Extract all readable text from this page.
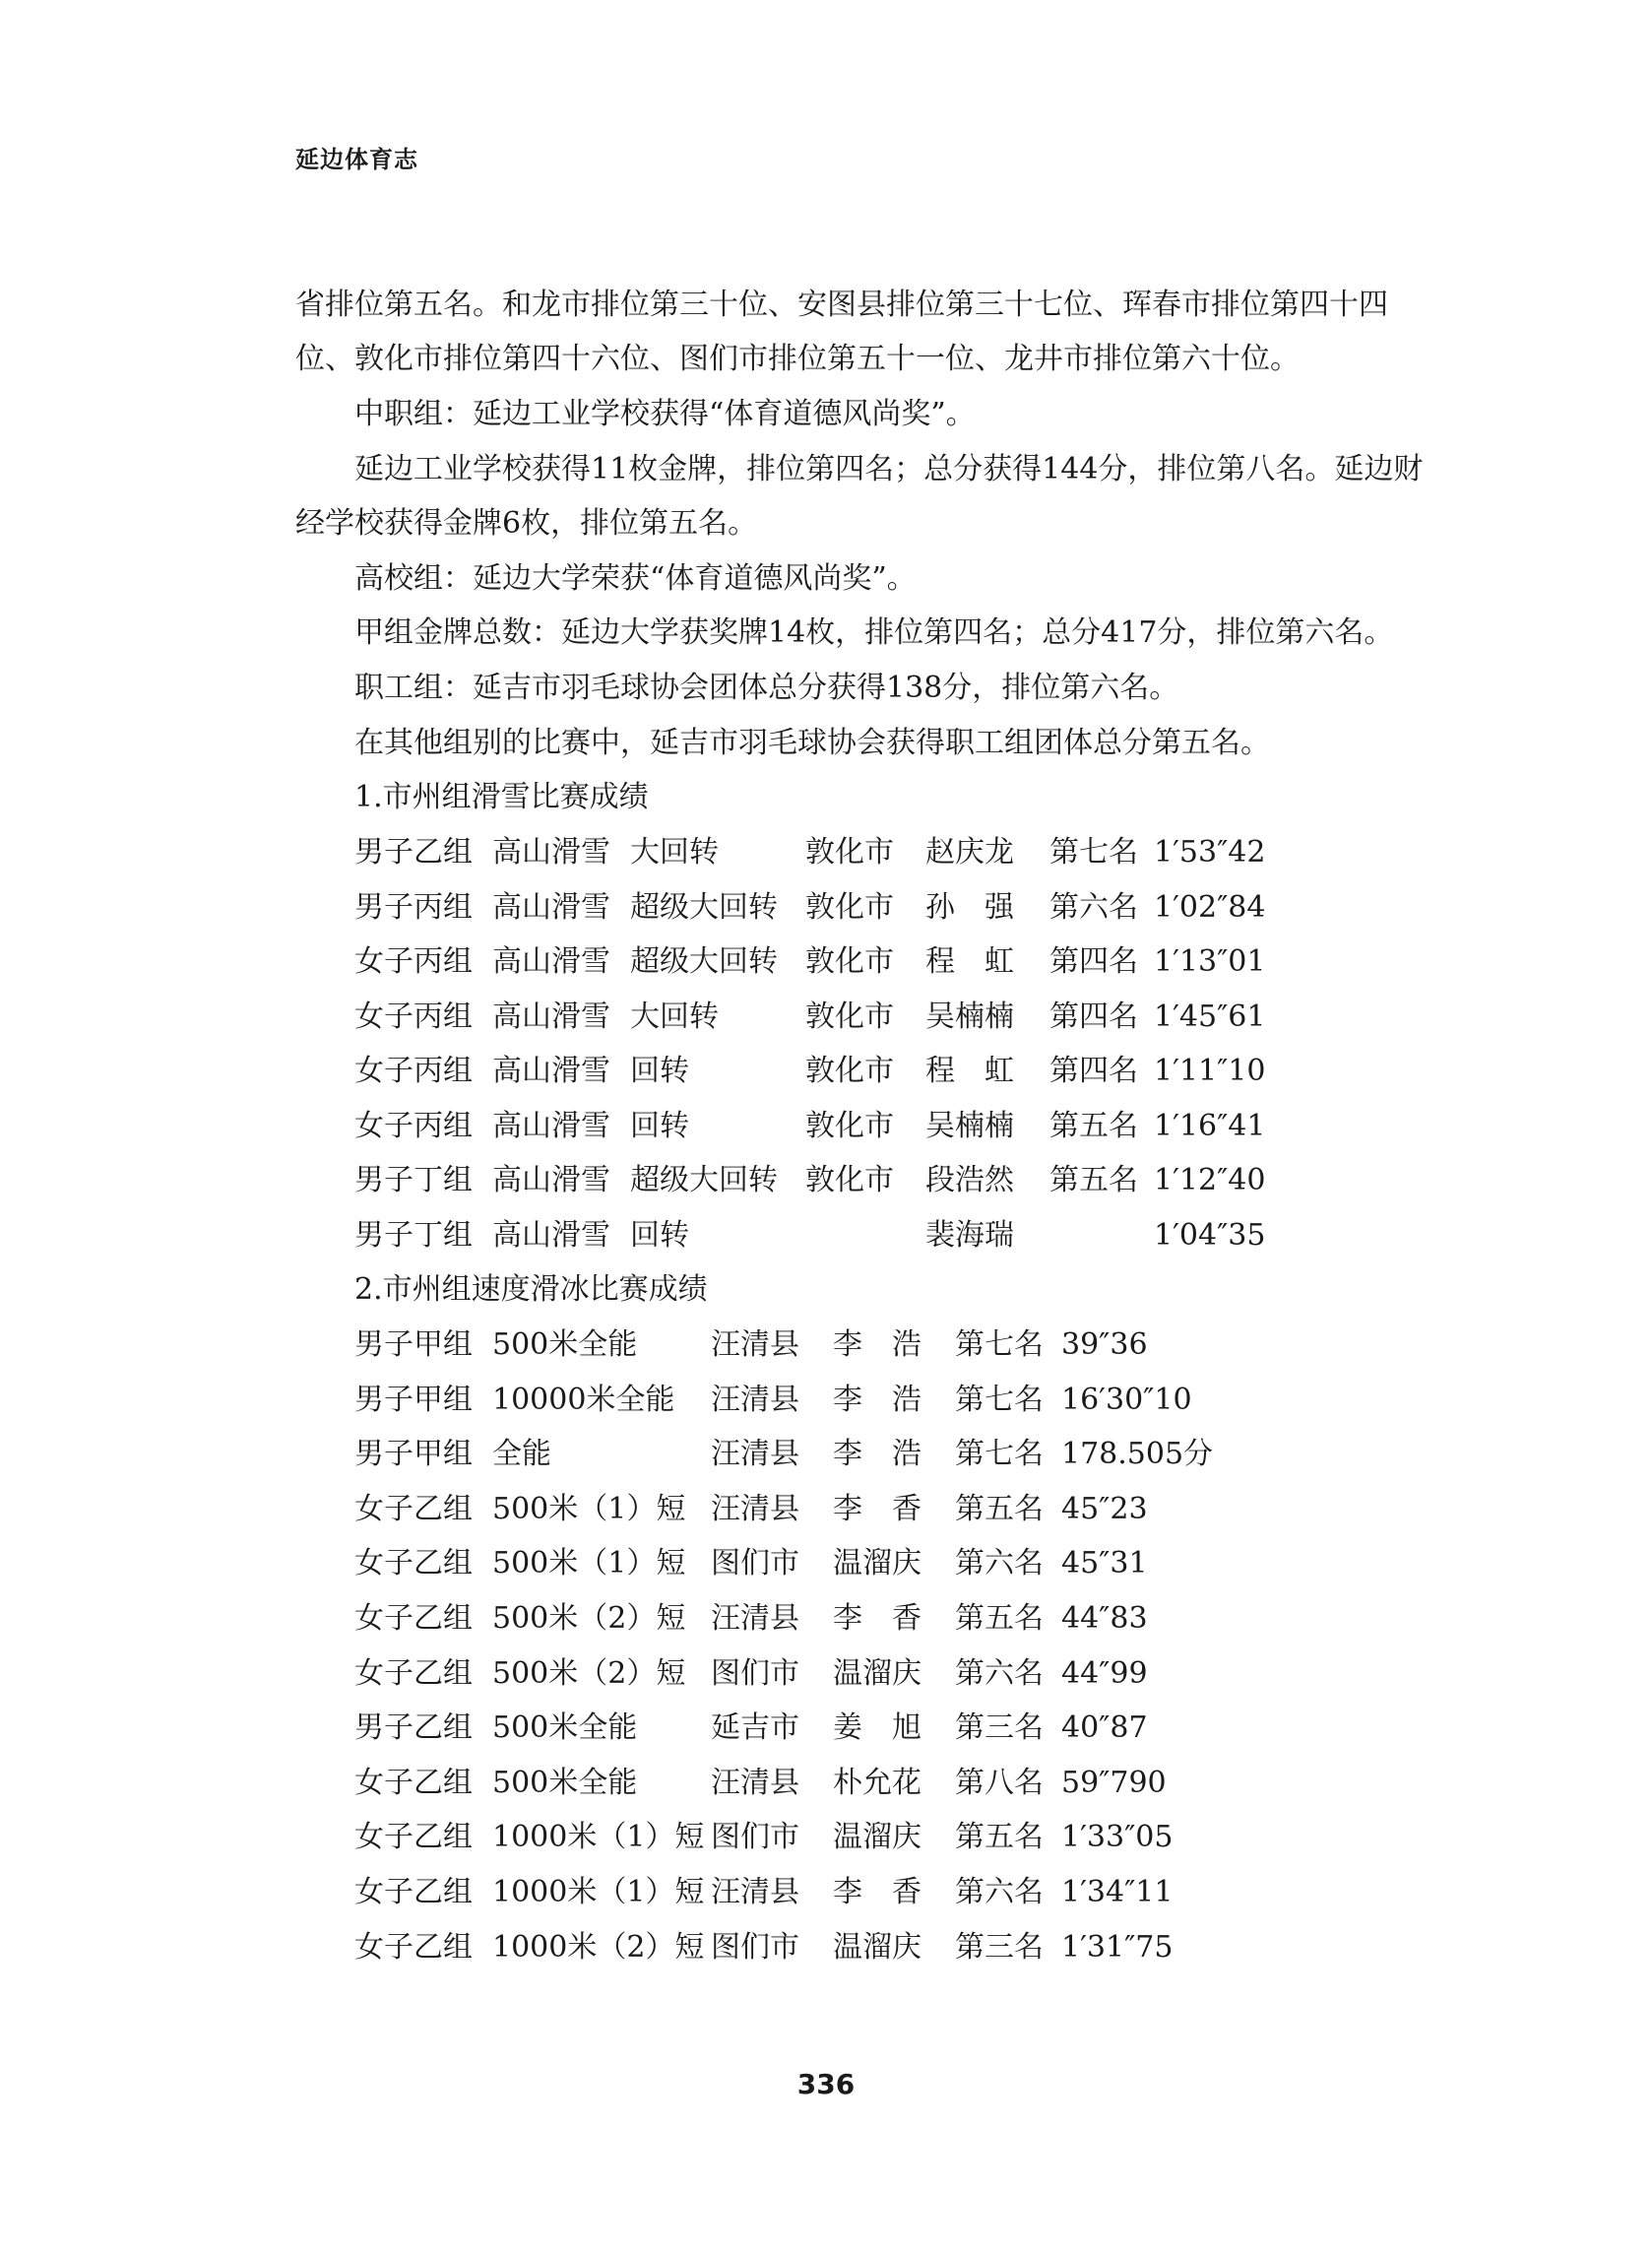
延边体育志
省排位第五名。和龙市排位第三十位、安图县排位第三十七位、珲春市排位第四十四
位、敦化市排位第四十六位、图们市排位第五十一位、龙井市排位第六十位。
中职组：延边工业学校获得“体育道德风尚奖”。
延边工业学校获得11枚金牌，排位第四名；总分获得144分，排位第八名。延边财
经学校获得金牌6枚，排位第五名。
高校组：延边大学荣获“体育道德风尚奖”。
甲组金牌总数：延边大学获奖牌14枚，排位第四名；总分417分，排位第六名。
职工组：延吉市羽毛球协会团体总分获得138分，排位第六名。
在其他组别的比赛中，延吉市羽毛球协会获得职工组团体总分第五名。
1.市州组滑雪比赛成绩
男子乙组 高山滑雪 大回转	敦化市 赵庆龙 第七名 1′53″42
男子丙组 高山滑雪 超级大回转 敦化市 孙　强 第六名 1′02″84
女子丙组 高山滑雪 超级大回转 敦化市 程　虹 第四名 1′13″01
女子丙组 高山滑雪 大回转	敦化市 吴楠楠 第四名 1′45″61
女子丙组 高山滑雪 回转	敦化市 程　虹 第四名 1′11″10
女子丙组 高山滑雪 回转	敦化市 吴楠楠 第五名 1′16″41
男子丁组 高山滑雪 超级大回转 敦化市 段浩然 第五名 1′12″40
男子丁组 高山滑雪 回转	裴海瑞	1′04″35
2.市州组速度滑冰比赛成绩
男子甲组 500米全能 汪清县 李　浩 第七名 39″36
男子甲组 10000米全能 汪清县 李　浩 第七名 16′30″10
男子甲组 全能	汪清县 李　浩 第七名 178.505分
女子乙组 500米（1）短 汪清县 李　香 第五名 45″23
女子乙组 500米（1）短 图们市 温溜庆 第六名 45″31
女子乙组 500米（2）短 汪清县 李　香 第五名 44″83
女子乙组 500米（2）短 图们市 温溜庆 第六名 44″99
男子乙组 500米全能 延吉市 姜　旭 第三名 40″87
女子乙组 500米全能 汪清县 朴允花 第八名 59″790
女子乙组 1000米（1）短 图们市 温溜庆 第五名 1′33″05
女子乙组 1000米（1）短 汪清县 李　香 第六名 1′34″11
女子乙组 1000米（2）短 图们市 温溜庆 第三名 1′31″75
336
